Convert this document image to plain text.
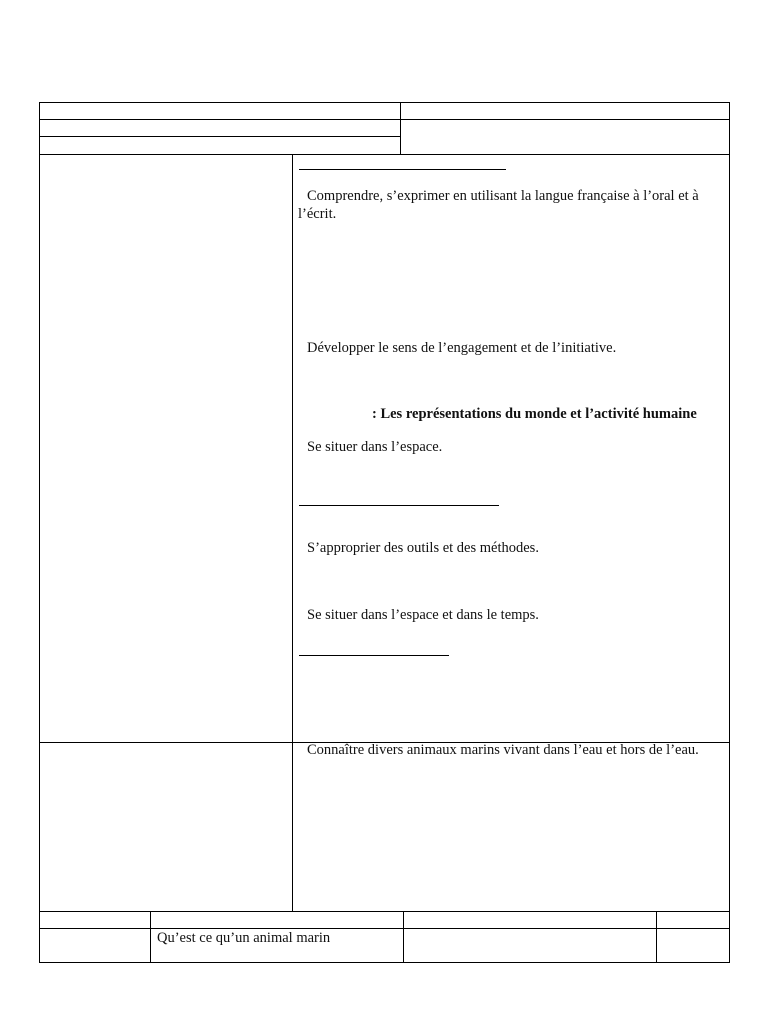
Comprendre, s’exprimer en utilisant la langue française à l’oral et à l’écrit.
Développer le sens de l’engagement et de l’initiative.
: Les représentations du monde et l’activité humaine
Se situer dans l’espace.
S’approprier des outils et des méthodes.
Se situer dans l’espace et dans le temps.
Connaître divers animaux marins vivant dans l’eau et hors de l’eau.
Qu’est ce qu’un animal marin
